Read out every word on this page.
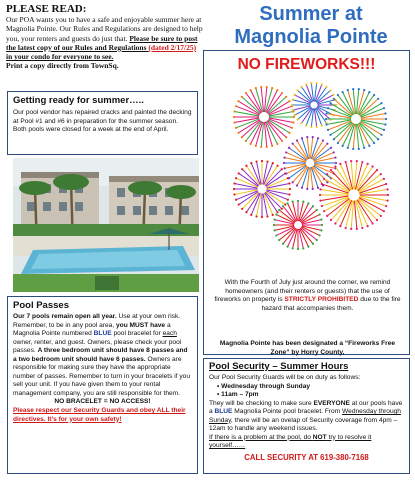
PLEASE READ:
Our POA wants you to have a safe and enjoyable summer here at Magnolia Pointe. Our Rules and Regulations are designed to help you, your renters and guests do just that. Please be sure to post the latest copy of our Rules and Regulations (dated 2/17/25) in your condo for everyone to see.
Print a copy directly from TownSq.
Summer at
Magnolia Pointe
Getting ready for summer…..
Our pool vendor has repaired cracks and painted the decking at Pool #1 and #6 in preparation for the summer season. Both pools were closed for a week at the end of April.
NO FIREWORKS!!!
With the Fourth of July just around the corner, we remind homeowners (and their renters or guests) that the use of fireworks on property is STRICTLY PROHIBITED due to the fire hazard that accompanies them.
Magnolia Pointe has been designated a “Fireworks Free Zone” by Horry County.
Pool Passes
Our 7 pools remain open all year. Use at your own risk. Remember, to be in any pool area, you MUST have a Magnolia Pointe numbered BLUE pool bracelet for each owner, renter, and guest. Owners, please check your pool passes. A three bedroom unit should have 8 passes and a two bedroom unit should have 6 passes. Owners are responsible for making sure they have the appropriate number of passes. Remember to turn in your bracelets if you sell your unit. If you have given them to your rental management company, you are still responsible for them.
NO BRACELET = NO ACCESS!
Please respect our Security Guards and obey ALL their directives. It’s for your own safety!
Pool Security – Summer Hours
Our Pool Security Guards will be on duty as follows:
• Wednesday through Sunday
• 11am – 7pm
They will be checking to make sure EVERYONE at our pools have a BLUE Magnolia Pointe pool bracelet. From Wednesday through Sunday, there will be an ovelap of Security coverage from 4pm – 12am to handle any weekend issues.
If there is a problem at the pool, do NOT try to resolve it yourself……
CALL SECURITY AT 619-380-7168
